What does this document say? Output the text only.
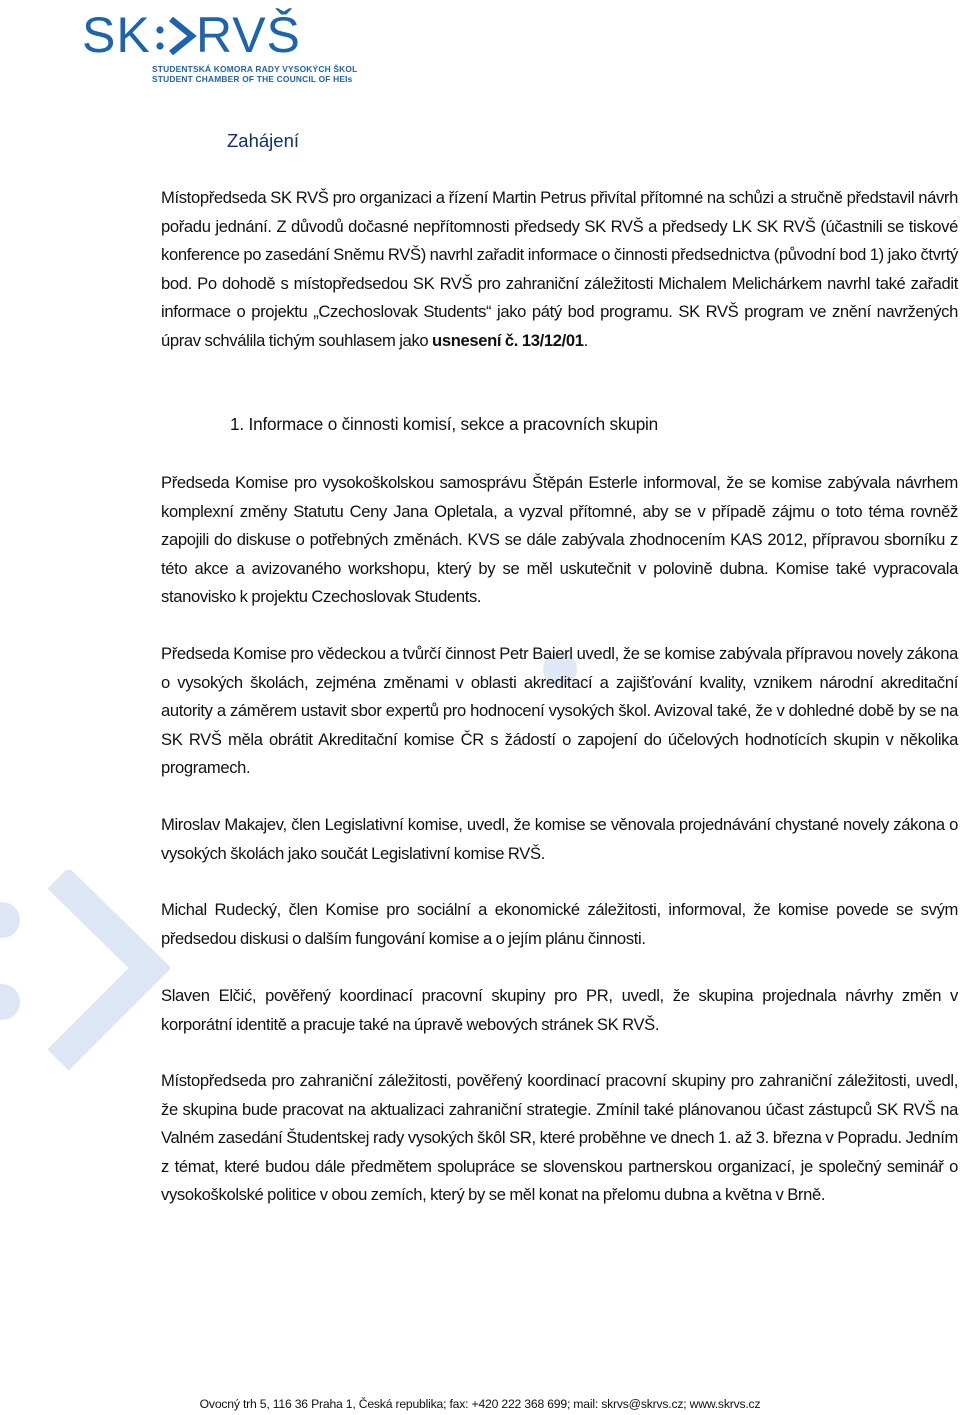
SK RVŠ
STUDENTSKÁ KOMORA RADY VYSOKÝCH ŠKOL
STUDENT CHAMBER OF THE COUNCIL OF HEIs
Zahájení

Místopředseda SK RVŠ pro organizaci a řízení Martin Petrus přivítal přítomné na schůzi a stručně představil návrh pořadu jednání. Z důvodů dočasné nepřítomnosti předsedy SK RVŠ a předsedy LK SK RVŠ (účastnili se tiskové konference po zasedání Sněmu RVŠ) navrhl zařadit informace o činnosti předsednictva (původní bod 1) jako čtvrtý bod. Po dohodě s místopředsedou SK RVŠ pro zahraniční záležitosti Michalem Melichárkem navrhl také zařadit informace o projektu „Czechoslovak Students“ jako pátý bod programu. SK RVŠ program ve znění navržených úprav schválila tichým souhlasem jako usnesení č. 13/12/01.

1. Informace o činnosti komisí, sekce a pracovních skupin

Předseda Komise pro vysokoškolskou samosprávu Štěpán Esterle informoval, že se komise zabývala návrhem komplexní změny Statutu Ceny Jana Opletala, a vyzval přítomné, aby se v případě zájmu o toto téma rovněž zapojili do diskuse o potřebných změnách. KVS se dále zabývala zhodnocením KAS 2012, přípravou sborníku z této akce a avizovaného workshopu, který by se měl uskutečnit v polovině dubna. Komise také vypracovala stanovisko k projektu Czechoslovak Students.

Předseda Komise pro vědeckou a tvůrčí činnost Petr Baierl uvedl, že se komise zabývala přípravou novely zákona o vysokých školách, zejména změnami v oblasti akreditací a zajišťování kvality, vznikem národní akreditační autority a záměrem ustavit sbor expertů pro hodnocení vysokých škol. Avizoval také, že v dohledné době by se na SK RVŠ měla obrátit Akreditační komise ČR s žádostí o zapojení do účelových hodnotících skupin v několika programech.

Miroslav Makajev, člen Legislativní komise, uvedl, že komise se věnovala projednávání chystané novely zákona o vysokých školách jako součát Legislativní komise RVŠ.

Michal Rudecký, člen Komise pro sociální a ekonomické záležitosti, informoval, že komise povede se svým předsedou diskusi o dalším fungování komise a o jejím plánu činnosti.

Slaven Elčić, pověřený koordinací pracovní skupiny pro PR, uvedl, že skupina projednala návrhy změn v korporátní identitě a pracuje také na úpravě webových stránek SK RVŠ.

Místopředseda pro zahraniční záležitosti, pověřený koordinací pracovní skupiny pro zahraniční záležitosti, uvedl, že skupina bude pracovat na aktualizaci zahraniční strategie. Zmínil také plánovanou účast zástupců SK RVŠ na Valném zasedání Študentskej rady vysokých škôl SR, které proběhne ve dnech 1. až 3. března v Popradu. Jedním z témat, které budou dále předmětem spolupráce se slovenskou partnerskou organizací, je společný seminář o vysokoškolské politice v obou zemích, který by se měl konat na přelomu dubna a května v Brně.

Ovocný trh 5, 116 36 Praha 1, Česká republika; fax: +420 222 368 699; mail: skrvs@skrvs.cz; www.skrvs.cz
